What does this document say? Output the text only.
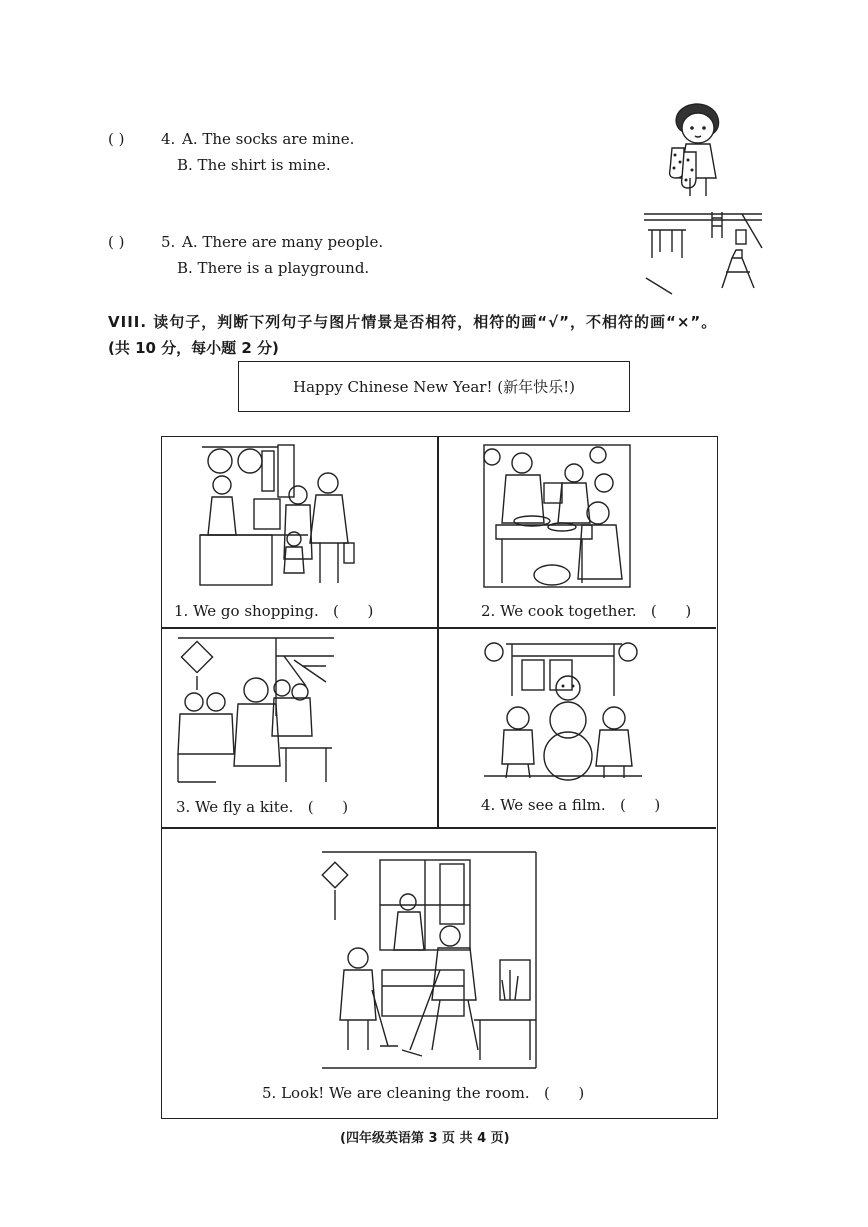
( ) 4. A. The socks are mine.
B. The shirt is mine.
( ) 5. A. There are many people.
B. There is a playground.
VIII. 读句子，判断下列句子与图片情景是否相符，相符的画“√”，不相符的画“×”。
(共 10 分，每小题 2 分)
Happy Chinese New Year! (新年快乐!)
1. We go shopping.   (      )	2. We cook together.   (      )
3. We fly a kite.   (      )	4. We see a film.   (      )
5. Look! We are cleaning the room.   (      )
(四年级英语第 3 页 共 4 页)
